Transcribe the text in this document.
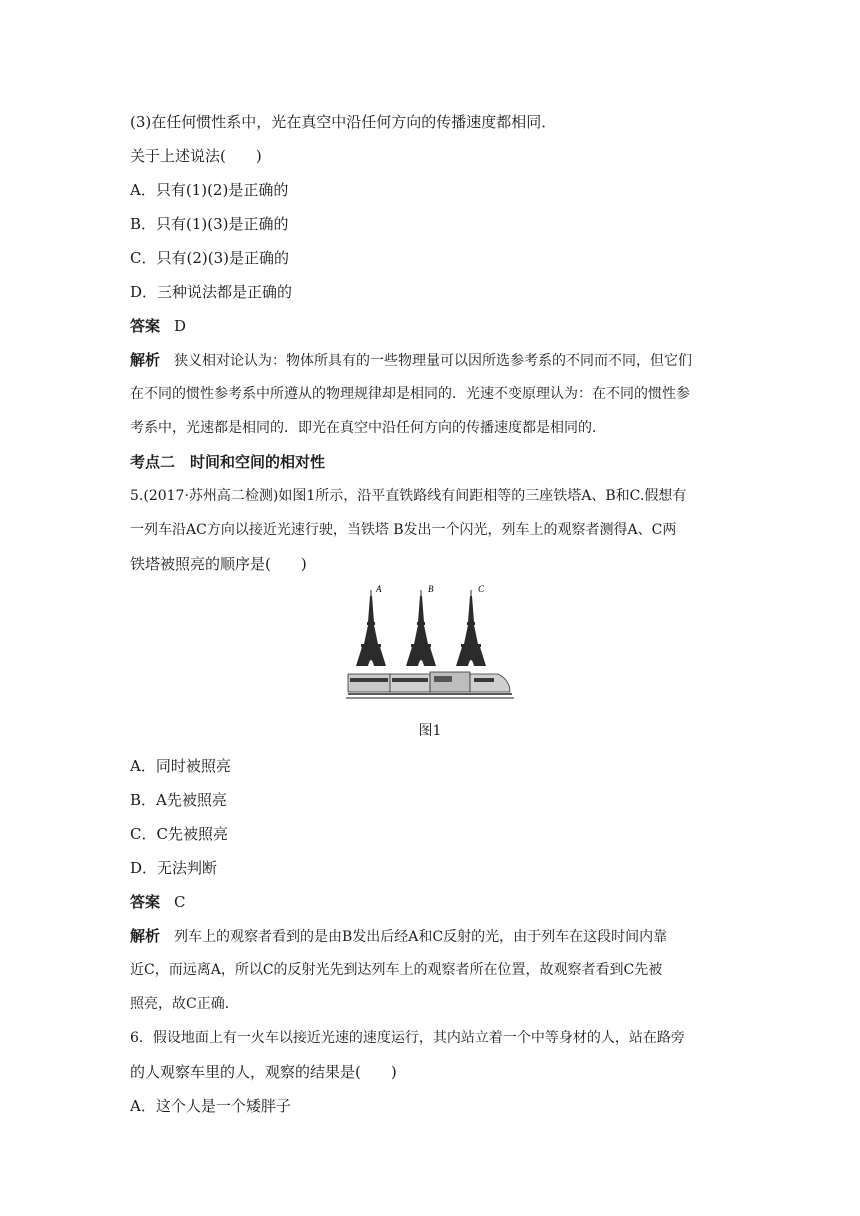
(3)在任何惯性系中，光在真空中沿任何方向的传播速度都相同．
关于上述说法(　　)
A．只有(1)(2)是正确的
B．只有(1)(3)是正确的
C．只有(2)(3)是正确的
D．三种说法都是正确的
答案 D
解析 狭义相对论认为：物体所具有的一些物理量可以因所选参考系的不同而不同，但它们
在不同的惯性参考系中所遵从的物理规律却是相同的．光速不变原理认为：在不同的惯性参
考系中，光速都是相同的．即光在真空中沿任何方向的传播速度都是相同的．
考点二　时间和空间的相对性
5.(2017·苏州高二检测)如图1所示，沿平直铁路线有间距相等的三座铁塔A、B和C.假想有
一列车沿AC方向以接近光速行驶，当铁塔 B发出一个闪光，列车上的观察者测得A、C两
铁塔被照亮的顺序是(　　)
A	B	C
图1
A．同时被照亮
B．A先被照亮
C．C先被照亮
D．无法判断
答案 C
解析 列车上的观察者看到的是由B发出后经A和C反射的光，由于列车在这段时间内靠
近C，而远离A，所以C的反射光先到达列车上的观察者所在位置，故观察者看到C先被
照亮，故C正确．
6．假设地面上有一火车以接近光速的速度运行，其内站立着一个中等身材的人，站在路旁
的人观察车里的人，观察的结果是(　　)
A．这个人是一个矮胖子
